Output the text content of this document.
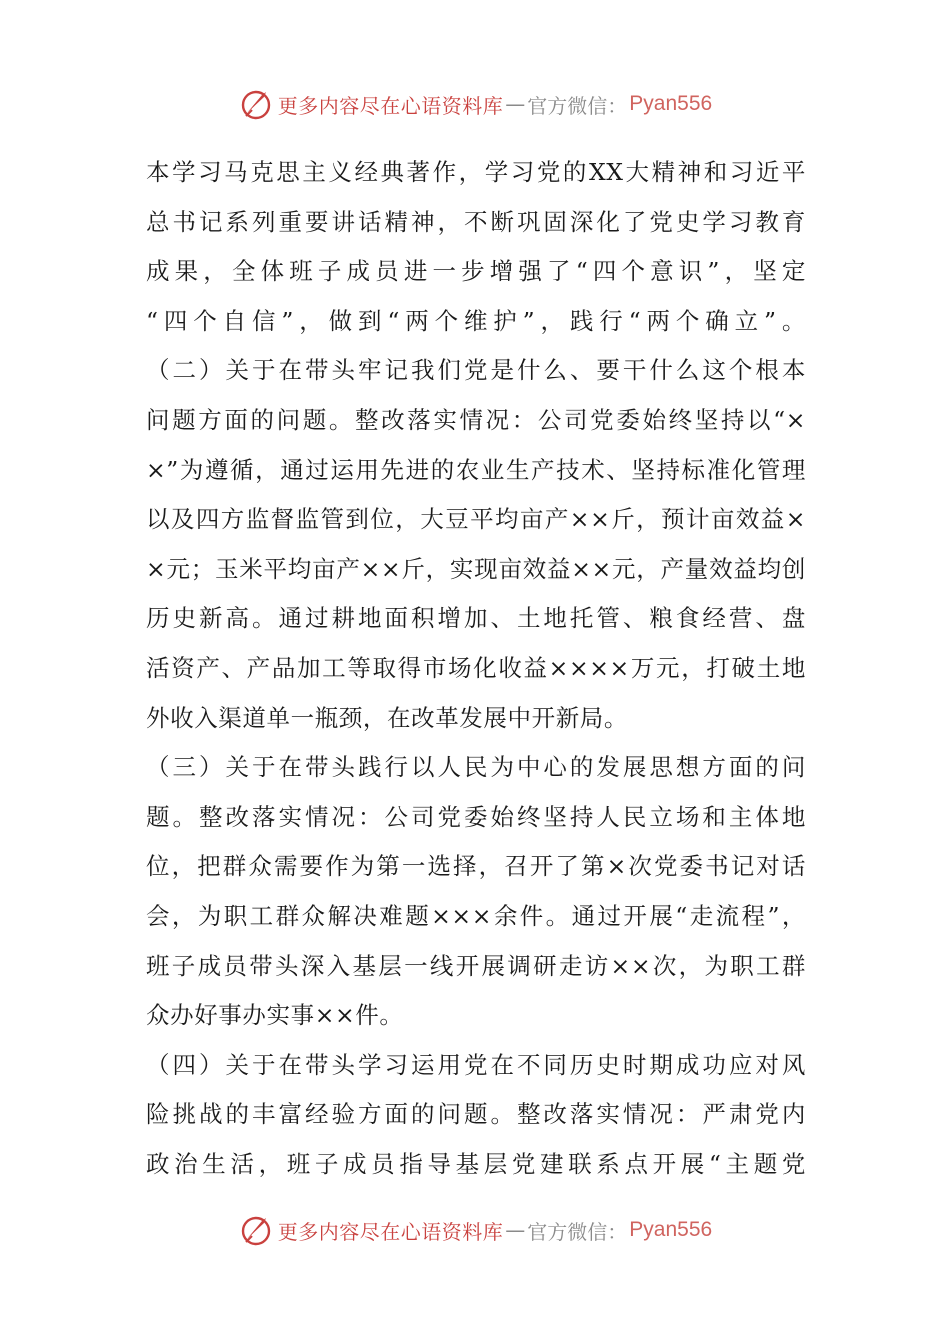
更多内容尽在心语资料库 — 官方微信： Pyan556
本学习马克思主义经典著作，学习党的XX大精神和习近平
总书记系列重要讲话精神，不断巩固深化了党史学习教育
成果，全体班子成员进一步增强了“四个意识”，坚定
“四个自信”，做到“两个维护”，践行“两个确立”。
（二）关于在带头牢记我们党是什么、要干什么这个根本
问题方面的问题。整改落实情况：公司党委始终坚持以“×
×”为遵循，通过运用先进的农业生产技术、坚持标准化管理
以及四方监督监管到位，大豆平均亩产××斤，预计亩效益×
×元；玉米平均亩产××斤，实现亩效益××元，产量效益均创
历史新高。通过耕地面积增加、土地托管、粮食经营、盘
活资产、产品加工等取得市场化收益××××万元，打破土地
外收入渠道单一瓶颈，在改革发展中开新局。
（三）关于在带头践行以人民为中心的发展思想方面的问
题。整改落实情况：公司党委始终坚持人民立场和主体地
位，把群众需要作为第一选择，召开了第×次党委书记对话
会，为职工群众解决难题×××余件。通过开展“走流程”，
班子成员带头深入基层一线开展调研走访××次，为职工群
众办好事办实事××件。
（四）关于在带头学习运用党在不同历史时期成功应对风
险挑战的丰富经验方面的问题。整改落实情况：严肃党内
政治生活，班子成员指导基层党建联系点开展“主题党
更多内容尽在心语资料库 — 官方微信： Pyan556
